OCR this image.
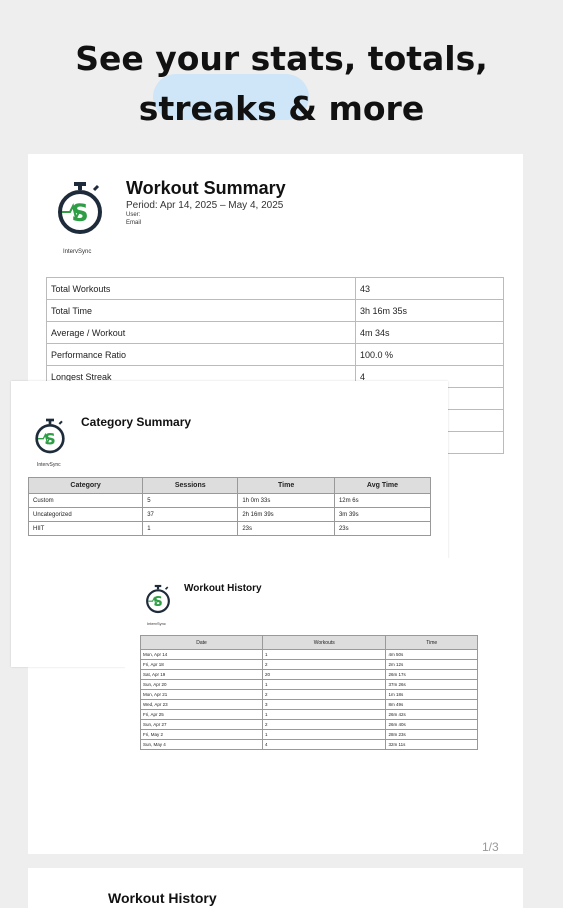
See your stats, totals,
streaks & more
S
IntervSync
Workout Summary
Period: Apr 14, 2025 – May 4, 2025
User:
Email
Total Workouts	43
Total Time	3h 16m 35s
Average / Workout	4m 34s
Performance Ratio	100.0 %
Longest Streak	4

S
IntervSync
Category Summary
Category	Sessions	Time	Avg Time
Custom	5	1h 0m 33s	12m 6s
Uncategorized	37	2h 16m 39s	3m 39s
HIIT	1	23s	23s
S
IntervSync
Workout History
Date	Workouts	Time
Mon, Apr 14	1	4m 50s
Fri, Apr 18	2	2m 12s
Sat, Apr 19	20	26m 17s
Sun, Apr 20	1	37m 26s
Mon, Apr 21	2	1m 18s
Wed, Apr 23	3	8m 49s
Fri, Apr 25	1	26m 42s
Sun, Apr 27	2	26m 40s
Fri, May 2	1	28m 23s
Sun, May 4	4	32m 11s
1/3
Workout History
